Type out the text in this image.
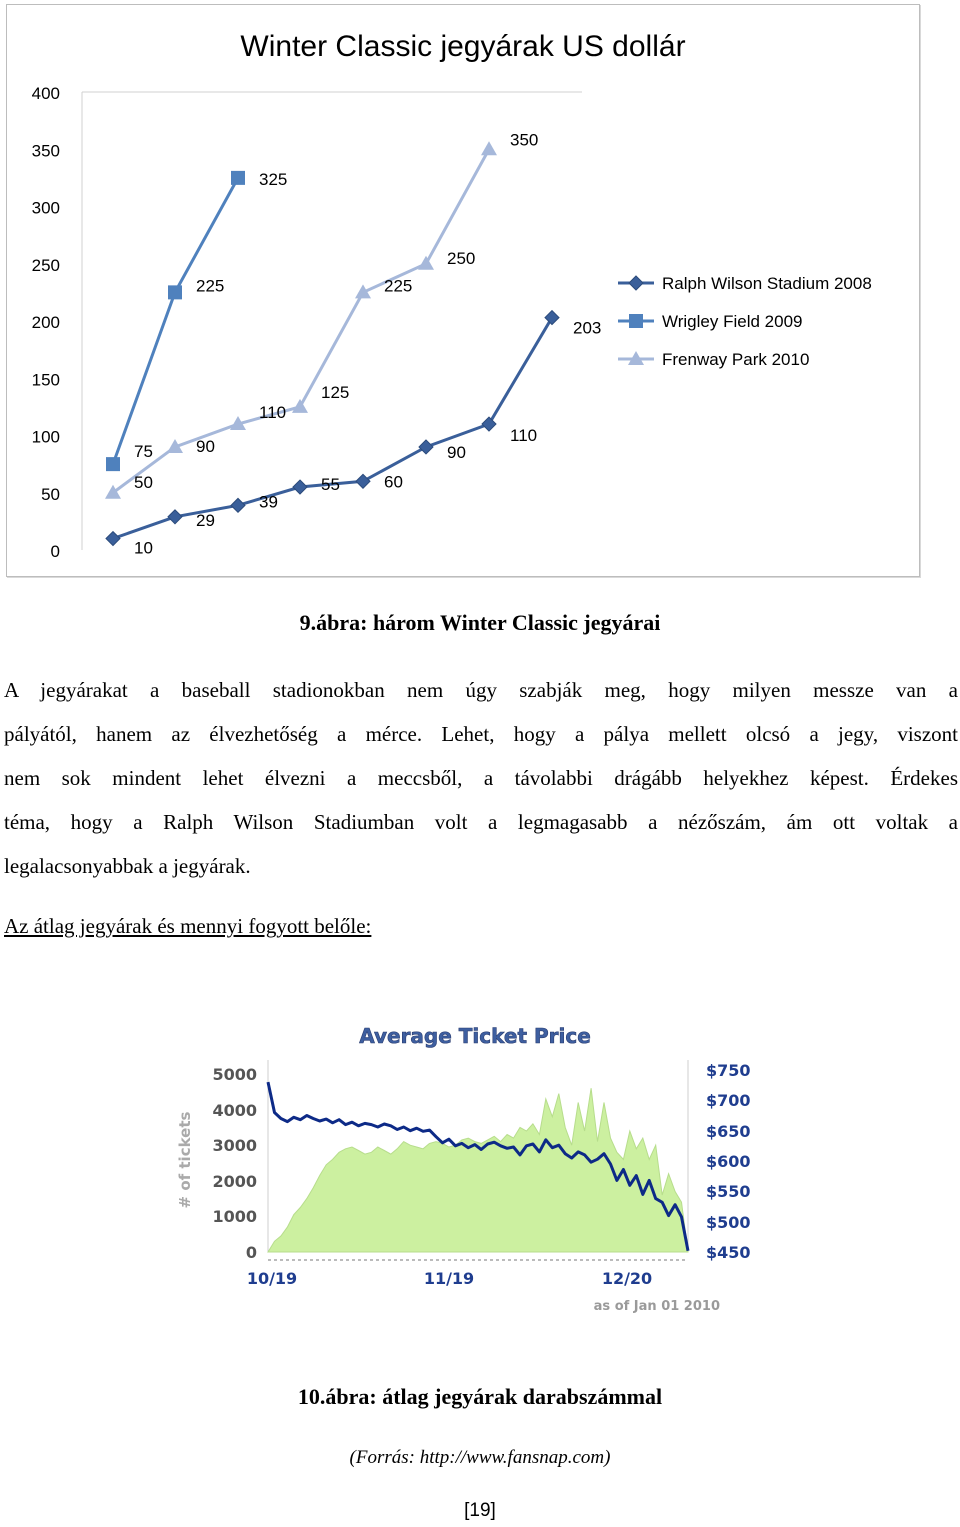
Winter Classic jegyárak US dollár
0
50
100
150
200
250
300
350
400
10
29
39
55	60
90
110
203
75
225
325
50
90
110
125
225
250
350
Ralph Wilson Stadium 2008
Wrigley Field 2009
Frenway Park 2010
9.ábra: három Winter Classic jegyárai
A jegyárakat a baseball stadionokban nem úgy szabják meg, hogy milyen messze van a
pályától, hanem az élvezhetőség a mérce. Lehet, hogy a pálya mellett olcsó a jegy, viszont
nem sok mindent lehet élvezni a meccsből, a távolabbi drágább helyekhez képest. Érdekes
téma, hogy a Ralph Wilson Stadiumban volt a legmagasabb a nézőszám, ám ott voltak a
legalacsonyabbak a jegyárak.
Az átlag jegyárak és mennyi fogyott belőle:
Average Ticket Price
5000
4000
3000
2000
1000
0
# of tickets
$750
$700
$650
$600
$550
$500
$450
10/19	11/19	12/20
as of Jan 01 2010
10.ábra: átlag jegyárak darabszámmal
(Forrás: http://www.fansnap.com)
[19]
